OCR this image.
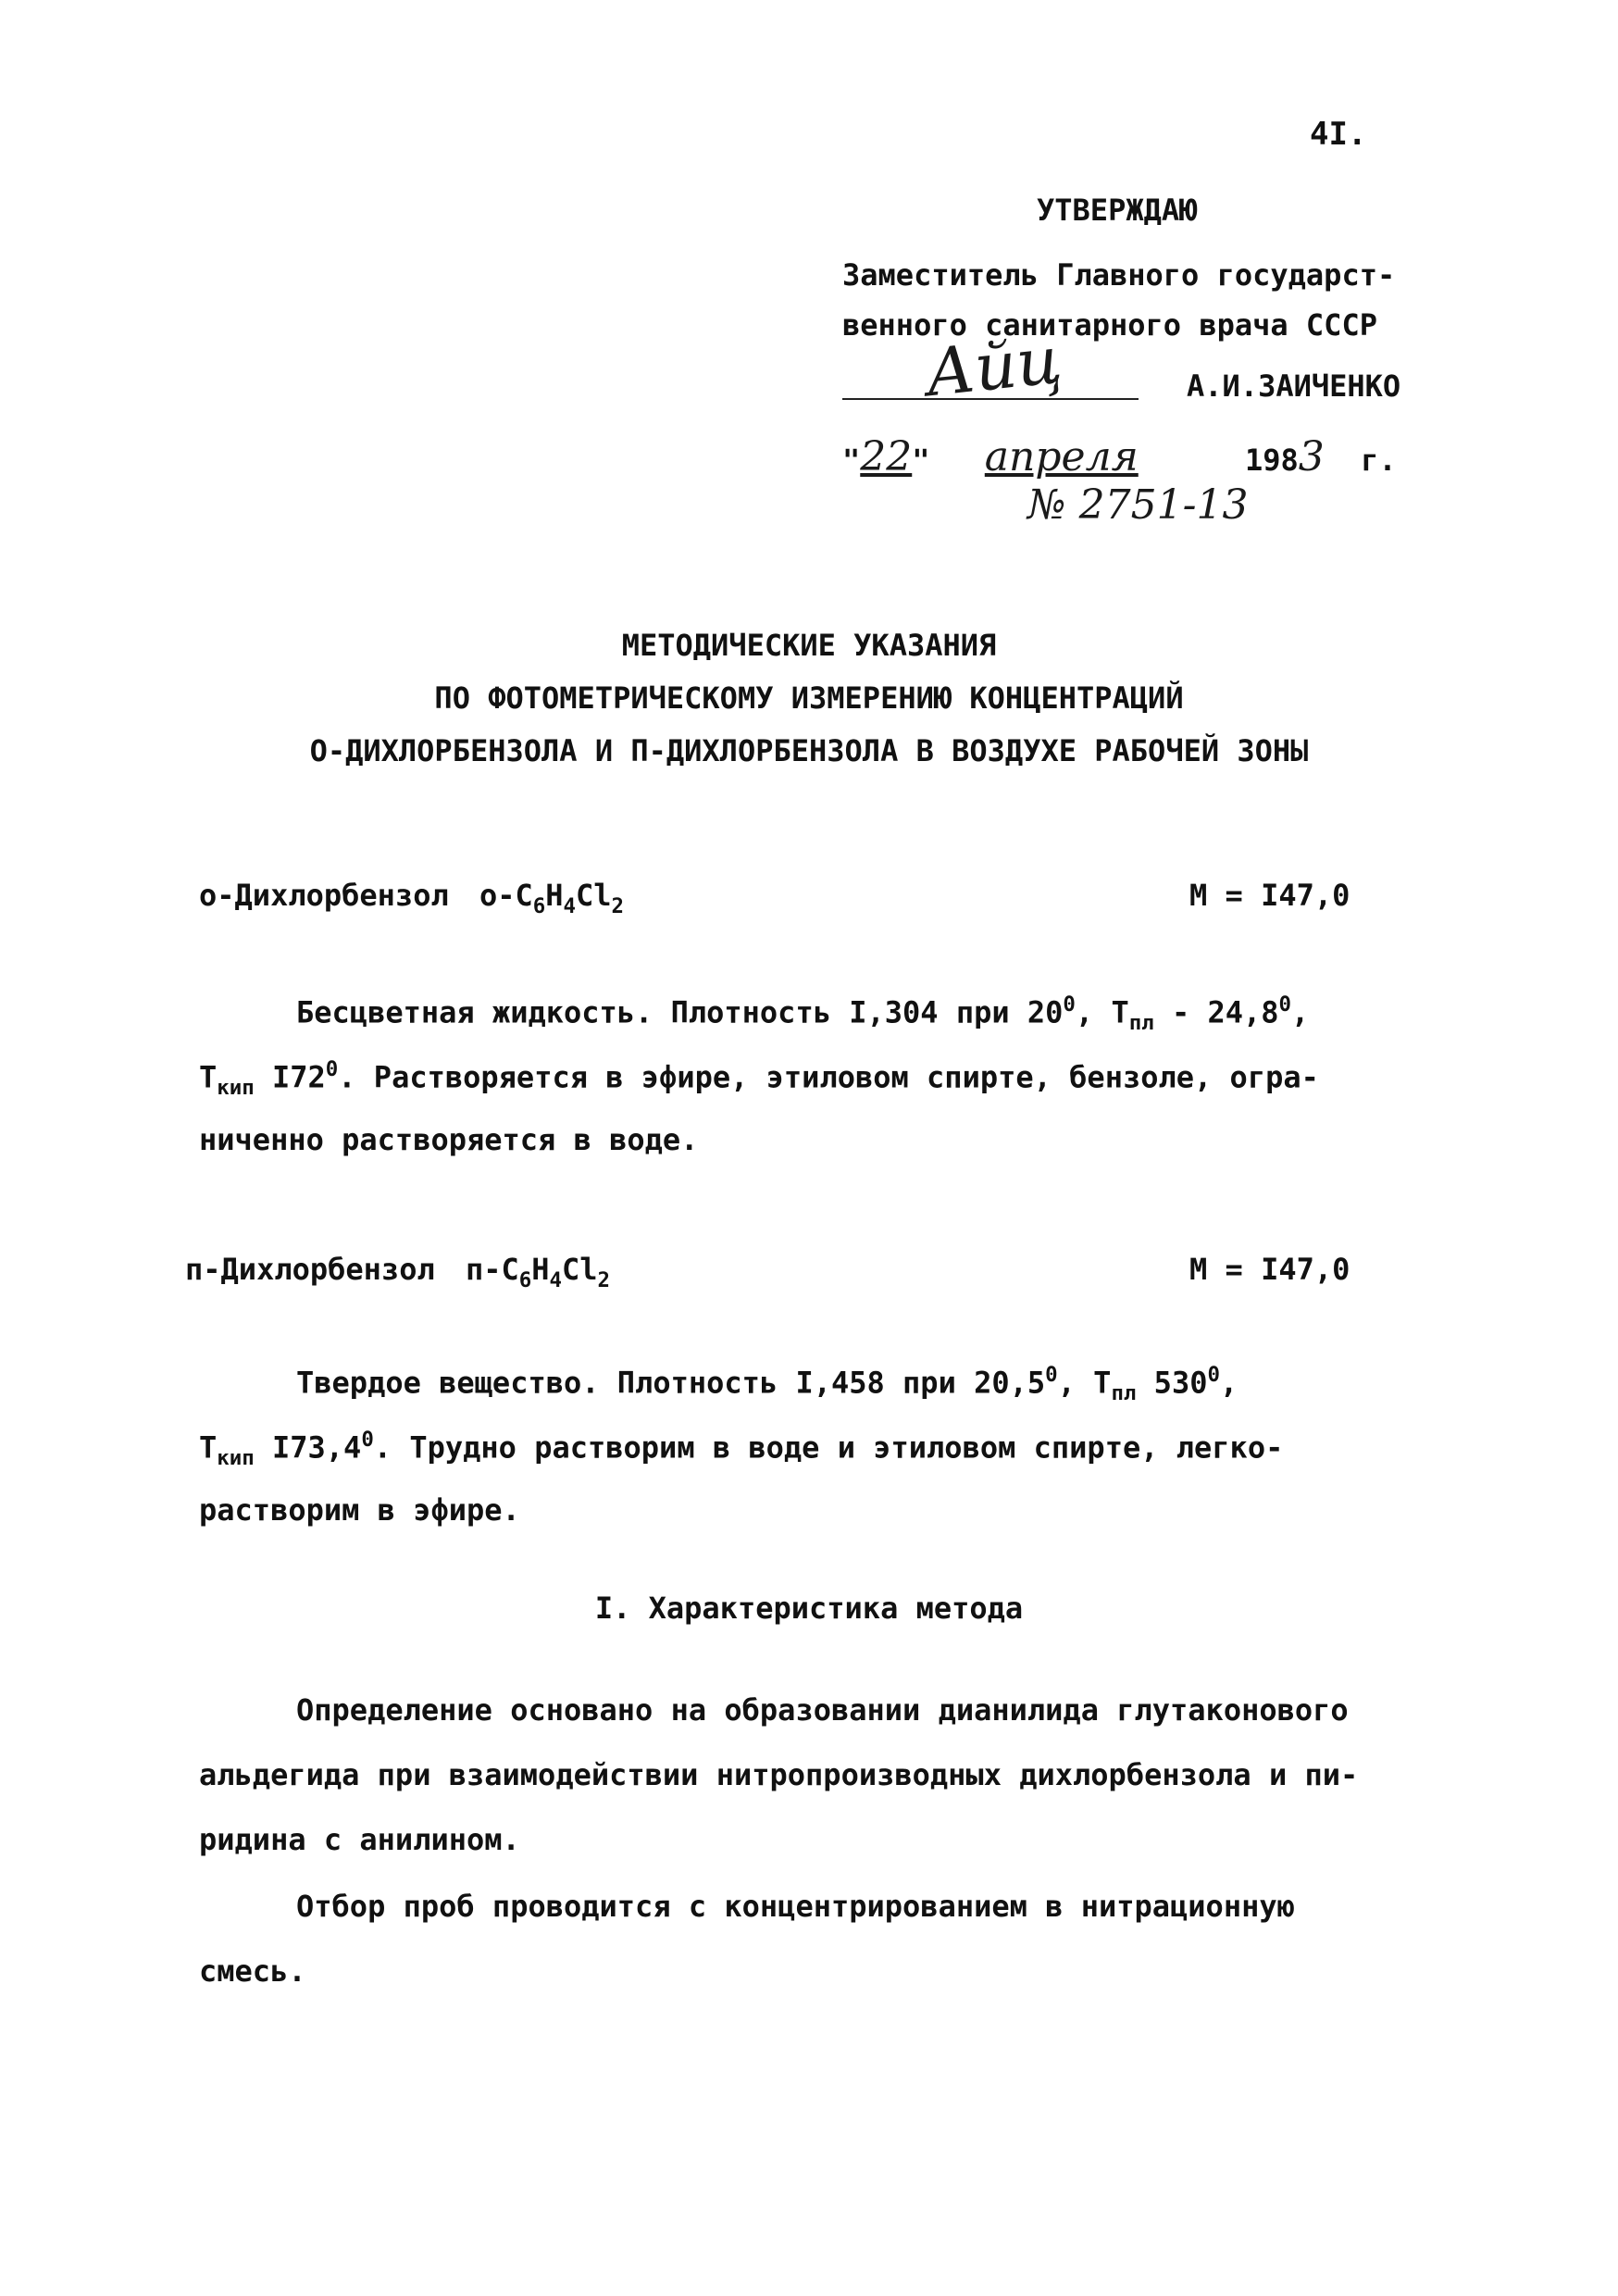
4I.
УТВЕРЖДАЮ
Заместитель Главного государст-
венного санитарного врача СССР
Айц	А.И.ЗАИЧЕНКО
"22" апреля	1983 г.
№ 2751-13
МЕТОДИЧЕСКИЕ УКАЗАНИЯ
ПО ФОТОМЕТРИЧЕСКОМУ ИЗМЕРЕНИЮ КОНЦЕНТРАЦИЙ
О-ДИХЛОРБЕНЗОЛА И П-ДИХЛОРБЕНЗОЛА В ВОЗДУХЕ РАБОЧЕЙ ЗОНЫ
о-Дихлорбензол $о-C_6H_4Cl_2$	М = I47,0
Бесцветная жидкость. Плотность I,304 при $20^0$, $Т_{пл} - 24,8^0$,
$Т_{кип}$ $I72^0$. Растворяется в эфире, этиловом спирте, бензоле, огра-
ниченно растворяется в воде.
п-Дихлорбензол $п-C_6H_4Cl_2$	М = I47,0
Твердое вещество. Плотность I,458 при 20,5$^0$, $Т_{пл}$ $530^0$,
$Т_{кип}$ I73,4$^0$. Трудно растворим в воде и этиловом спирте, легко-
растворим в эфире.
I. Характеристика метода
Определение основано на образовании дианилида глутаконового
альдегида при взаимодействии нитропроизводных дихлорбензола и пи-
ридина с анилином.
Отбор проб проводится с концентрированием в нитрационную
смесь.
